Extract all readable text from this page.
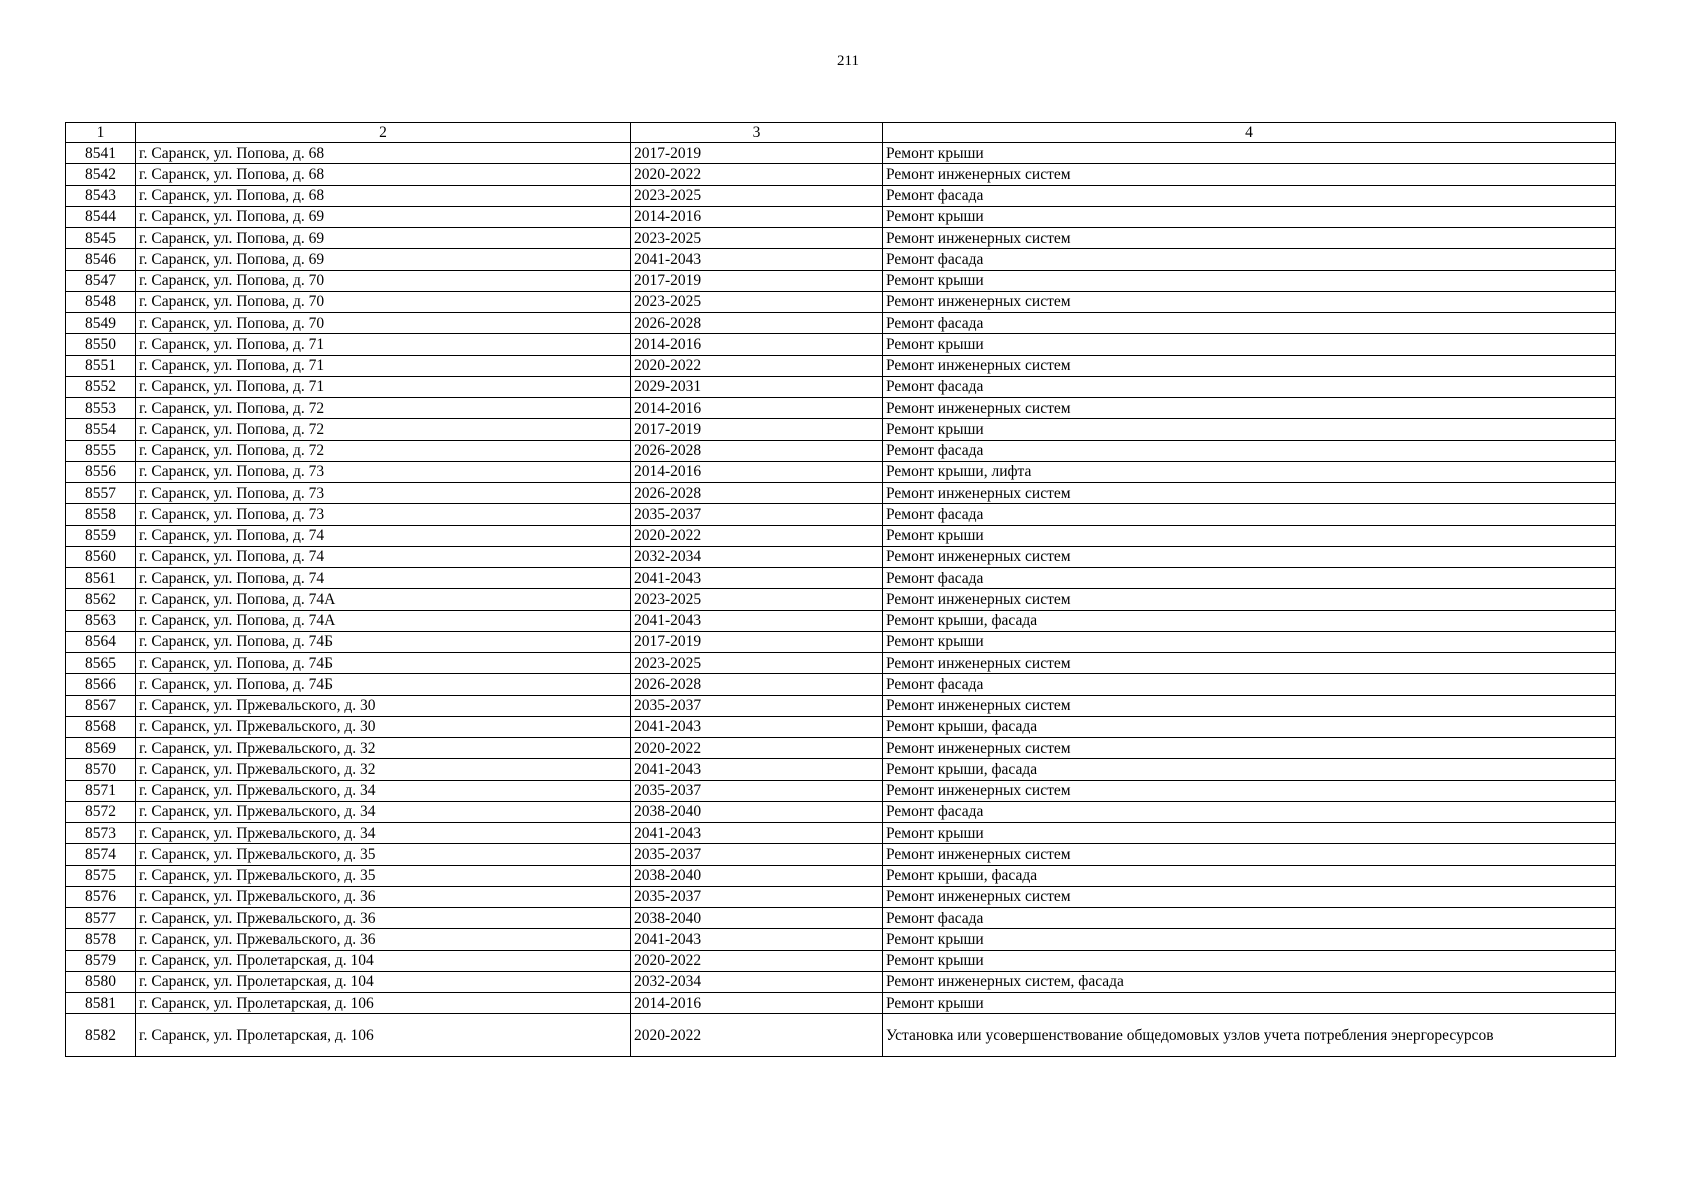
211
1	2	3	4
8541	г. Саранск, ул. Попова, д. 68	2017-2019	Ремонт крыши
8542	г. Саранск, ул. Попова, д. 68	2020-2022	Ремонт инженерных систем
8543	г. Саранск, ул. Попова, д. 68	2023-2025	Ремонт фасада
8544	г. Саранск, ул. Попова, д. 69	2014-2016	Ремонт крыши
8545	г. Саранск, ул. Попова, д. 69	2023-2025	Ремонт инженерных систем
8546	г. Саранск, ул. Попова, д. 69	2041-2043	Ремонт фасада
8547	г. Саранск, ул. Попова, д. 70	2017-2019	Ремонт крыши
8548	г. Саранск, ул. Попова, д. 70	2023-2025	Ремонт инженерных систем
8549	г. Саранск, ул. Попова, д. 70	2026-2028	Ремонт фасада
8550	г. Саранск, ул. Попова, д. 71	2014-2016	Ремонт крыши
8551	г. Саранск, ул. Попова, д. 71	2020-2022	Ремонт инженерных систем
8552	г. Саранск, ул. Попова, д. 71	2029-2031	Ремонт фасада
8553	г. Саранск, ул. Попова, д. 72	2014-2016	Ремонт инженерных систем
8554	г. Саранск, ул. Попова, д. 72	2017-2019	Ремонт крыши
8555	г. Саранск, ул. Попова, д. 72	2026-2028	Ремонт фасада
8556	г. Саранск, ул. Попова, д. 73	2014-2016	Ремонт крыши, лифта
8557	г. Саранск, ул. Попова, д. 73	2026-2028	Ремонт инженерных систем
8558	г. Саранск, ул. Попова, д. 73	2035-2037	Ремонт фасада
8559	г. Саранск, ул. Попова, д. 74	2020-2022	Ремонт крыши
8560	г. Саранск, ул. Попова, д. 74	2032-2034	Ремонт инженерных систем
8561	г. Саранск, ул. Попова, д. 74	2041-2043	Ремонт фасада
8562	г. Саранск, ул. Попова, д. 74А	2023-2025	Ремонт инженерных систем
8563	г. Саранск, ул. Попова, д. 74А	2041-2043	Ремонт крыши, фасада
8564	г. Саранск, ул. Попова, д. 74Б	2017-2019	Ремонт крыши
8565	г. Саранск, ул. Попова, д. 74Б	2023-2025	Ремонт инженерных систем
8566	г. Саранск, ул. Попова, д. 74Б	2026-2028	Ремонт фасада
8567	г. Саранск, ул. Пржевальского, д. 30	2035-2037	Ремонт инженерных систем
8568	г. Саранск, ул. Пржевальского, д. 30	2041-2043	Ремонт крыши, фасада
8569	г. Саранск, ул. Пржевальского, д. 32	2020-2022	Ремонт инженерных систем
8570	г. Саранск, ул. Пржевальского, д. 32	2041-2043	Ремонт крыши, фасада
8571	г. Саранск, ул. Пржевальского, д. 34	2035-2037	Ремонт инженерных систем
8572	г. Саранск, ул. Пржевальского, д. 34	2038-2040	Ремонт фасада
8573	г. Саранск, ул. Пржевальского, д. 34	2041-2043	Ремонт крыши
8574	г. Саранск, ул. Пржевальского, д. 35	2035-2037	Ремонт инженерных систем
8575	г. Саранск, ул. Пржевальского, д. 35	2038-2040	Ремонт крыши, фасада
8576	г. Саранск, ул. Пржевальского, д. 36	2035-2037	Ремонт инженерных систем
8577	г. Саранск, ул. Пржевальского, д. 36	2038-2040	Ремонт фасада
8578	г. Саранск, ул. Пржевальского, д. 36	2041-2043	Ремонт крыши
8579	г. Саранск, ул. Пролетарская, д. 104	2020-2022	Ремонт крыши
8580	г. Саранск, ул. Пролетарская, д. 104	2032-2034	Ремонт инженерных систем, фасада
8581	г. Саранск, ул. Пролетарская, д. 106	2014-2016	Ремонт крыши
8582	г. Саранск, ул. Пролетарская, д. 106	2020-2022	Установка или усовершенствование общедомовых узлов учета потребления энергоресурсов
